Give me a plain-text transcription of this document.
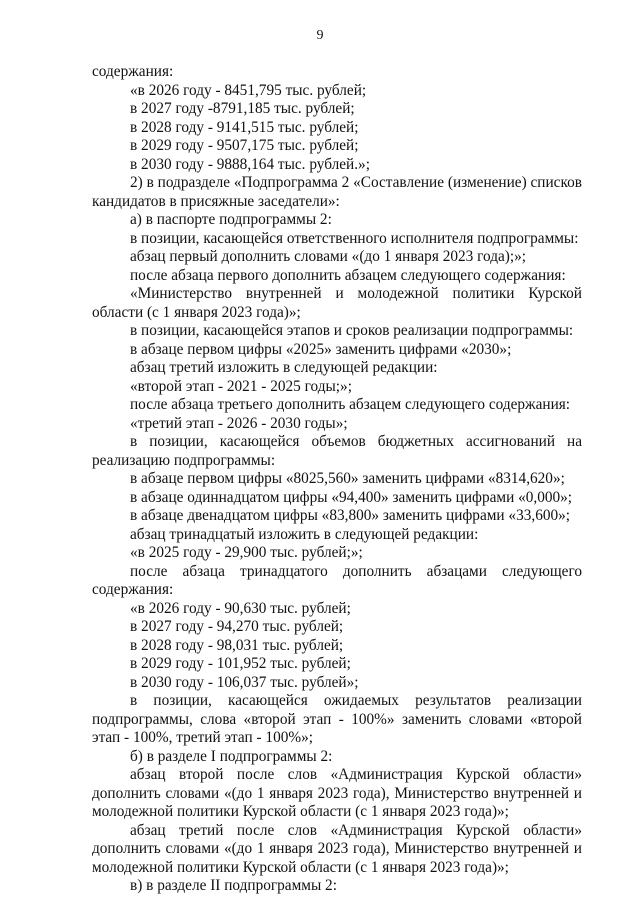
9

содержания:

«в 2026 году - 8451,795 тыс. рублей;

в 2027 году -8791,185 тыс. рублей;

в 2028 году - 9141,515 тыс. рублей;

в 2029 году - 9507,175 тыс. рублей;

в 2030 году - 9888,164 тыс. рублей.»;

2) в подразделе «Подпрограмма 2 «Составление (изменение) списков кандидатов в присяжные заседатели»:

а) в паспорте подпрограммы 2:

в позиции, касающейся ответственного исполнителя подпрограммы:

абзац первый дополнить словами «(до 1 января 2023 года);»;

после абзаца первого дополнить абзацем следующего содержания:

«Министерство внутренней и молодежной политики Курской области (с 1 января 2023 года)»;

в позиции, касающейся этапов и сроков реализации подпрограммы:

в абзаце первом цифры «2025» заменить цифрами «2030»;

абзац третий изложить в следующей редакции:

«второй этап - 2021 - 2025 годы;»;

после абзаца третьего дополнить абзацем следующего содержания:

«третий этап - 2026 - 2030 годы»;

в позиции, касающейся объемов бюджетных ассигнований на реализацию подпрограммы:

в абзаце первом цифры «8025,560» заменить цифрами «8314,620»;

в абзаце одиннадцатом цифры «94,400» заменить цифрами «0,000»;

в абзаце двенадцатом цифры «83,800» заменить цифрами «33,600»;

абзац тринадцатый изложить в следующей редакции:

«в 2025 году - 29,900 тыс. рублей;»;

после абзаца тринадцатого дополнить абзацами следующего содержания:

«в 2026 году - 90,630 тыс. рублей;

в 2027 году - 94,270 тыс. рублей;

в 2028 году - 98,031 тыс. рублей;

в 2029 году - 101,952 тыс. рублей;

в 2030 году - 106,037 тыс. рублей»;

в позиции, касающейся ожидаемых результатов реализации подпрограммы, слова «второй этап - 100%» заменить словами «второй этап - 100%, третий этап - 100%»;

б) в разделе I подпрограммы 2:

абзац второй после слов «Администрация Курской области» дополнить словами «(до 1 января 2023 года), Министерство внутренней и молодежной политики Курской области (с 1 января 2023 года)»;

абзац третий после слов «Администрация Курской области» дополнить словами «(до 1 января 2023 года), Министерство внутренней и молодежной политики Курской области (с 1 января 2023 года)»;

в) в разделе II подпрограммы 2:
